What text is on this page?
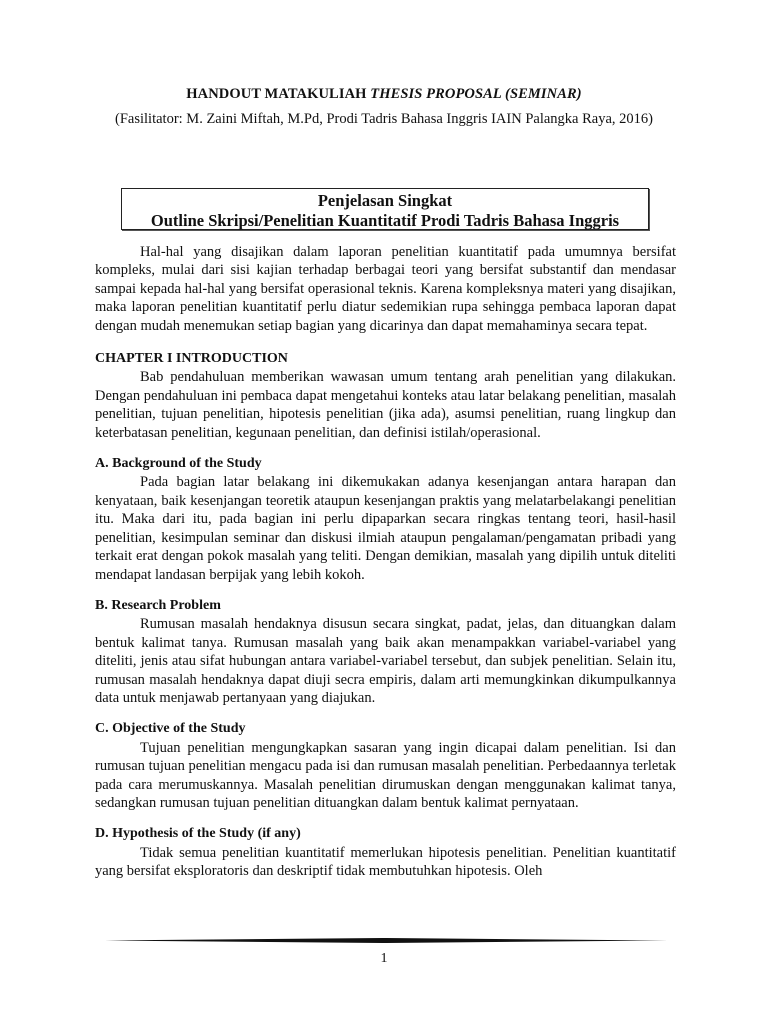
HANDOUT MATAKULIAH THESIS PROPOSAL (SEMINAR)
(Fasilitator: M. Zaini Miftah, M.Pd, Prodi Tadris Bahasa Inggris IAIN Palangka Raya, 2016)
Penjelasan Singkat
Outline Skripsi/Penelitian Kuantitatif Prodi Tadris Bahasa Inggris

Hal-hal yang disajikan dalam laporan penelitian kuantitatif pada umumnya bersifat kompleks, mulai dari sisi kajian terhadap berbagai teori yang bersifat substantif dan mendasar sampai kepada hal-hal yang bersifat operasional teknis. Karena kompleksnya materi yang disajikan, maka laporan penelitian kuantitatif perlu diatur sedemikian rupa sehingga pembaca laporan dapat dengan mudah menemukan setiap bagian yang dicarinya dan dapat memahaminya secara tepat.

CHAPTER I INTRODUCTION

Bab pendahuluan memberikan wawasan umum tentang arah penelitian yang dilakukan. Dengan pendahuluan ini pembaca dapat mengetahui konteks atau latar belakang penelitian, masalah penelitian, tujuan penelitian, hipotesis penelitian (jika ada), asumsi penelitian, ruang lingkup dan keterbatasan penelitian, kegunaan penelitian, dan definisi istilah/operasional.

A. Background of the Study

Pada bagian latar belakang ini dikemukakan adanya kesenjangan antara harapan dan kenyataan, baik kesenjangan teoretik ataupun kesenjangan praktis yang melatarbelakangi penelitian itu. Maka dari itu, pada bagian ini perlu dipaparkan secara ringkas tentang teori, hasil-hasil penelitian, kesimpulan seminar dan diskusi ilmiah ataupun pengalaman/pengamatan pribadi yang terkait erat dengan pokok masalah yang teliti. Dengan demikian, masalah yang dipilih untuk diteliti mendapat landasan berpijak yang lebih kokoh.

B. Research Problem

Rumusan masalah hendaknya disusun secara singkat, padat, jelas, dan dituangkan dalam bentuk kalimat tanya. Rumusan masalah yang baik akan menampakkan variabel-variabel yang diteliti, jenis atau sifat hubungan antara variabel-variabel tersebut, dan subjek penelitian. Selain itu, rumusan masalah hendaknya dapat diuji secra empiris, dalam arti memungkinkan dikumpulkannya data untuk menjawab pertanyaan yang diajukan.

C. Objective of the Study

Tujuan penelitian mengungkapkan sasaran yang ingin dicapai dalam penelitian. Isi dan rumusan tujuan penelitian mengacu pada isi dan rumusan masalah penelitian. Perbedaannya terletak pada cara merumuskannya. Masalah penelitian dirumuskan dengan menggunakan kalimat tanya, sedangkan rumusan tujuan penelitian dituangkan dalam bentuk kalimat pernyataan.

D. Hypothesis of the Study (if any)

Tidak semua penelitian kuantitatif memerlukan hipotesis penelitian. Penelitian kuantitatif yang bersifat eksploratoris dan deskriptif tidak membutuhkan hipotesis. Oleh

1
